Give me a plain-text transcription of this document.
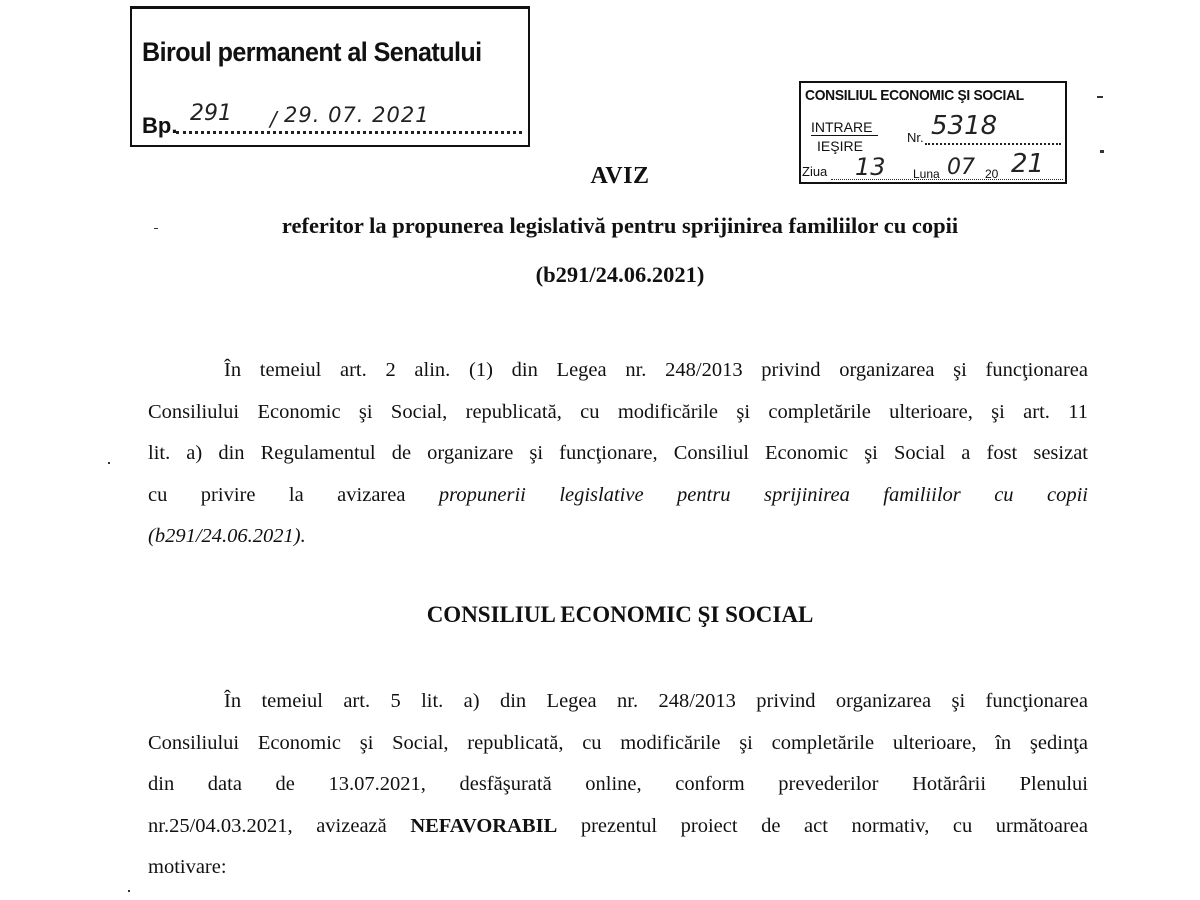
Biroul permanent al Senatului
Bp. 291 / 29. 07. 2021
CONSILIUL ECONOMIC ŞI SOCIAL
INTRARE
IEŞIRE
Nr. 5318
Ziua 13 Luna 07 20 21
AVIZ
referitor la propunerea legislativă pentru sprijinirea familiilor cu copii
(b291/24.06.2021)
În temeiul art. 2 alin. (1) din Legea nr. 248/2013 privind organizarea şi funcţionarea
Consiliului Economic şi Social, republicată, cu modificările şi completările ulterioare, şi art. 11
lit. a) din Regulamentul de organizare şi funcţionare, Consiliul Economic şi Social a fost sesizat
cu privire la avizarea propunerii legislative pentru sprijinirea familiilor cu copii
(b291/24.06.2021).
CONSILIUL ECONOMIC ŞI SOCIAL
În temeiul art. 5 lit. a) din Legea nr. 248/2013 privind organizarea şi funcţionarea
Consiliului Economic şi Social, republicată, cu modificările şi completările ulterioare, în şedinţa
din data de 13.07.2021, desfăşurată online, conform prevederilor Hotărârii Plenului
nr.25/04.03.2021, avizează NEFAVORABIL prezentul proiect de act normativ, cu următoarea
motivare:
